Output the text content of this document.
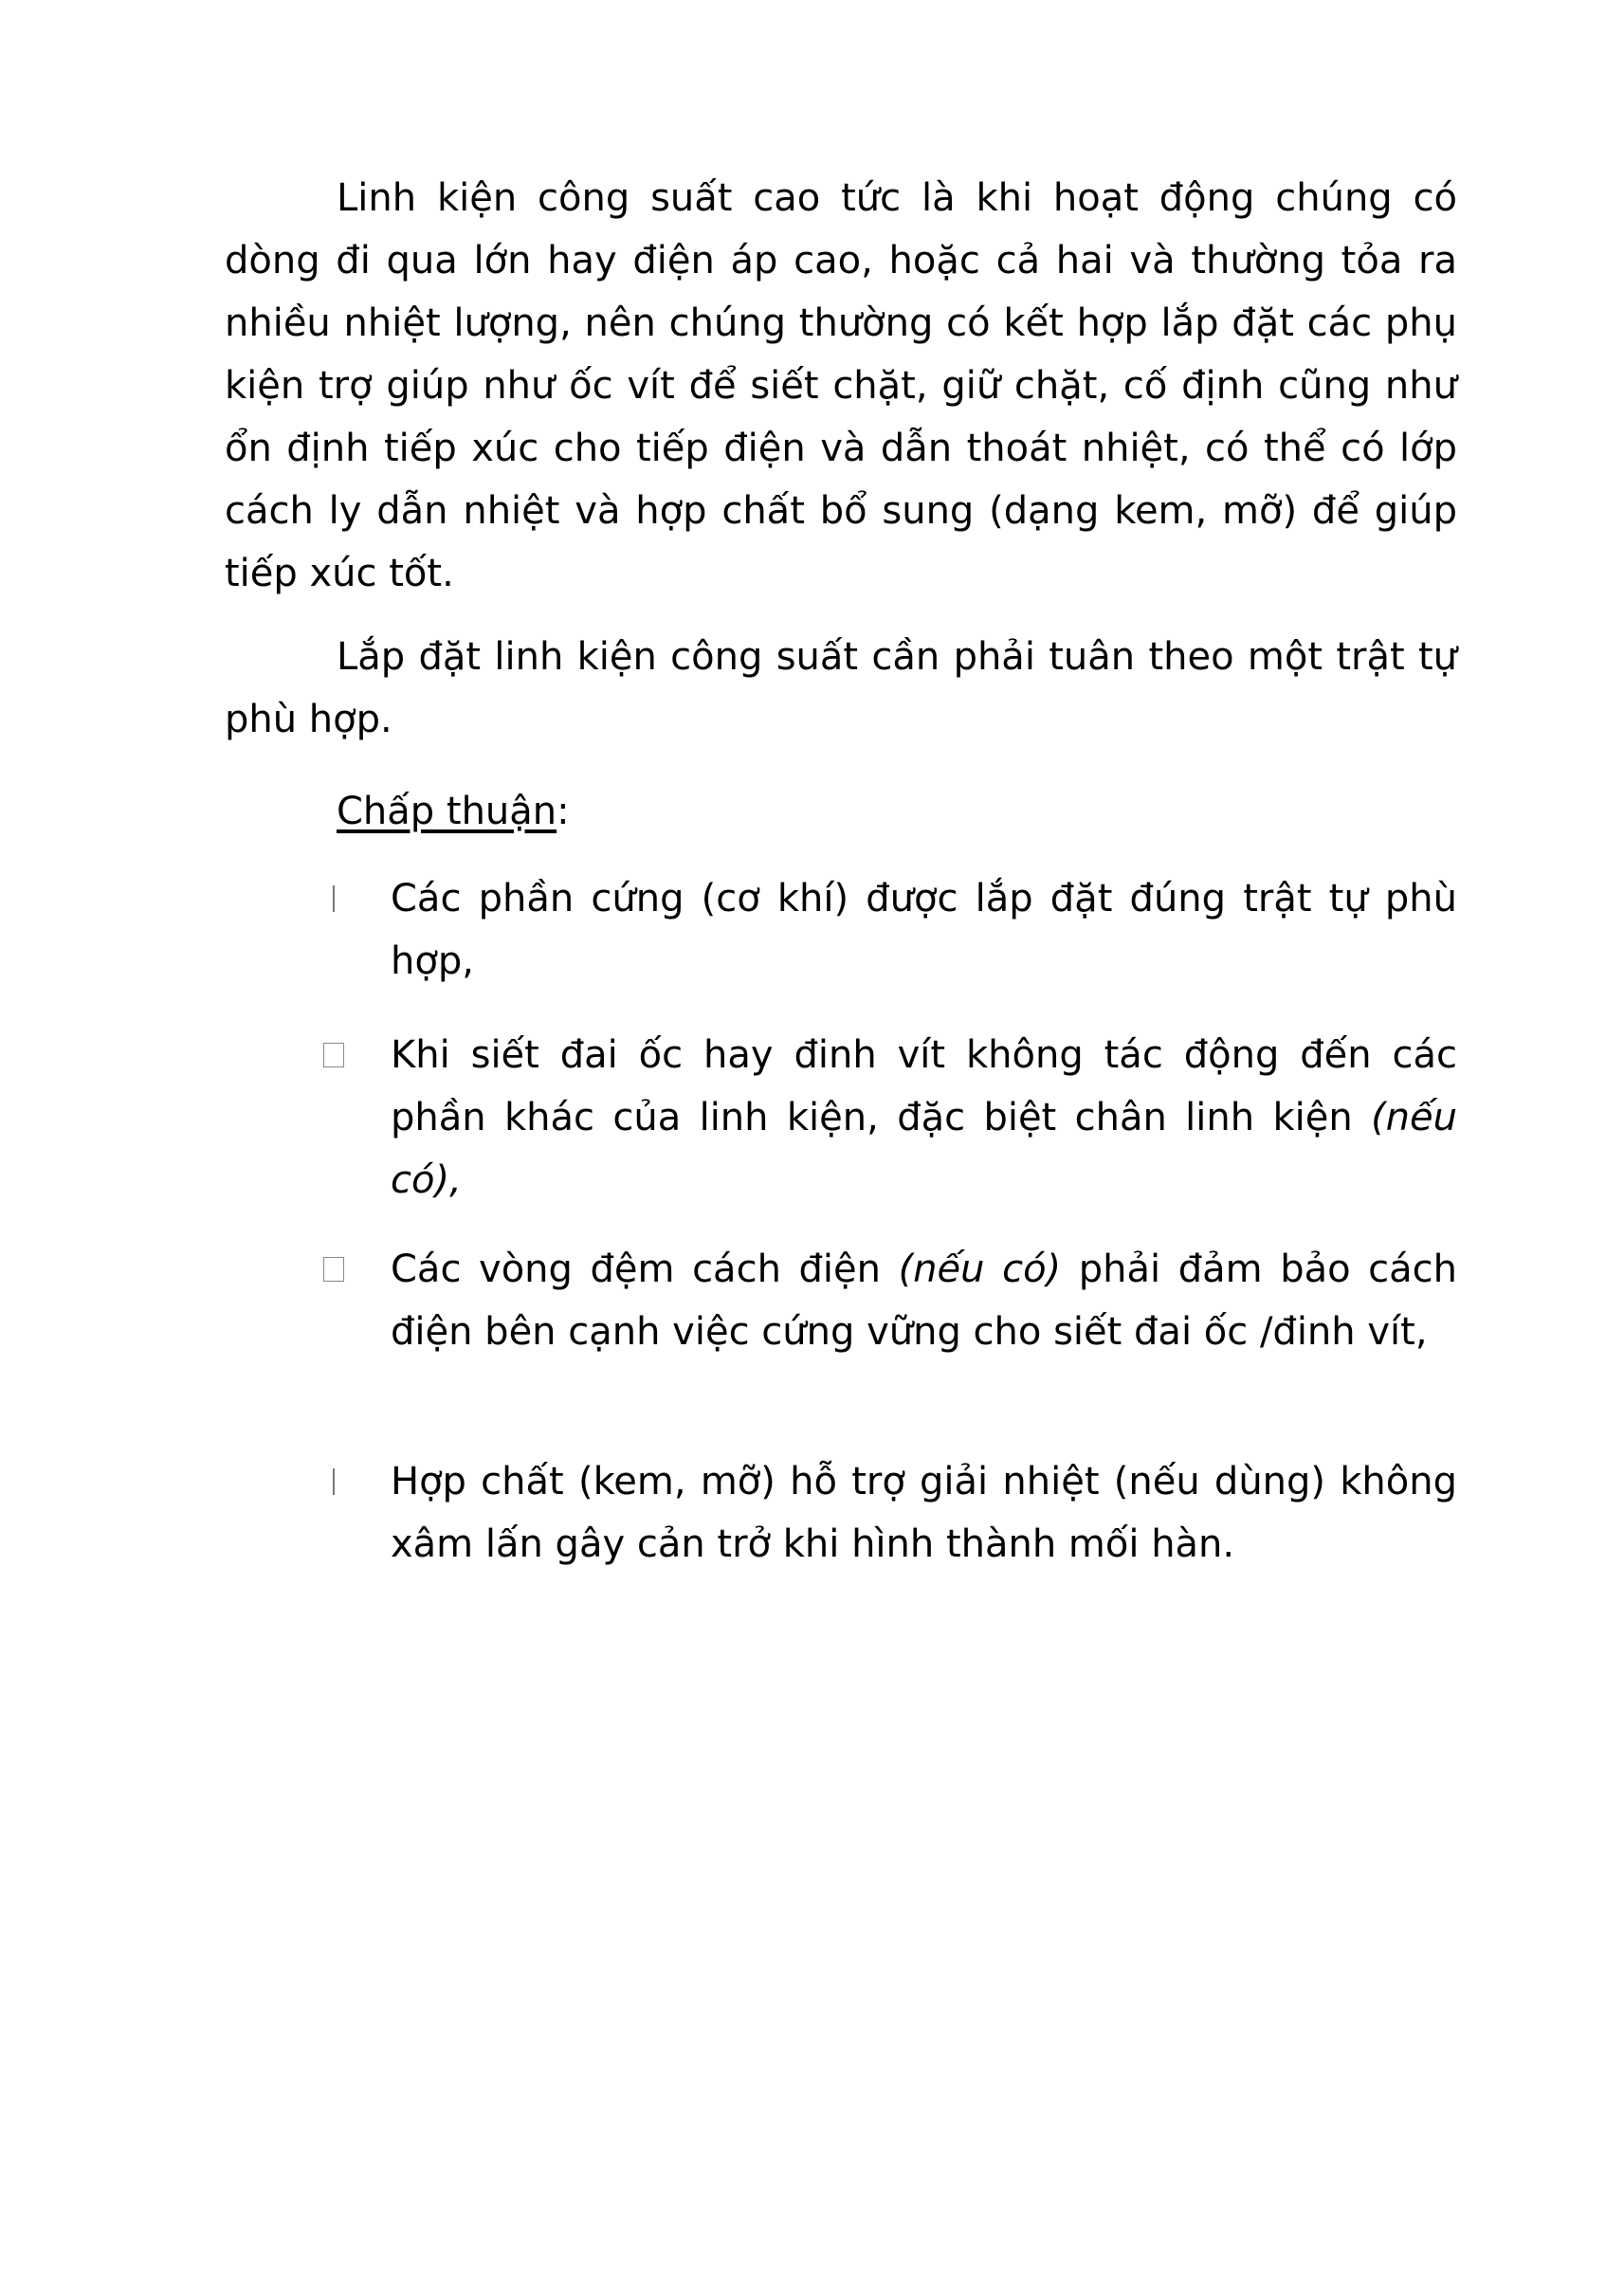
Linh kiện công suất cao tức là khi hoạt động chúng có dòng đi qua lớn hay điện áp cao, hoặc cả hai và thường tỏa ra nhiều nhiệt lượng, nên chúng thường có kết hợp lắp đặt các phụ kiện trợ giúp như ốc vít để siết chặt, giữ chặt, cố định cũng như ổn định tiếp xúc cho tiếp điện và dẫn thoát nhiệt, có thể có lớp cách ly dẫn nhiệt và hợp chất bổ sung (dạng kem, mỡ) để giúp tiếp xúc tốt.

Lắp đặt linh kiện công suất cần phải tuân theo một trật tự phù hợp.

Chấp thuận:

Các phần cứng (cơ khí) được lắp đặt đúng trật tự phù hợp,

Khi siết đai ốc hay đinh vít không tác động đến các phần khác của linh kiện, đặc biệt chân linh kiện (nếu có),

Các vòng đệm cách điện (nếu có) phải đảm bảo cách điện bên cạnh việc cứng vững cho siết đai ốc /đinh vít,

Hợp chất (kem, mỡ) hỗ trợ giải nhiệt (nếu dùng) không xâm lấn gây cản trở khi hình thành mối hàn.
